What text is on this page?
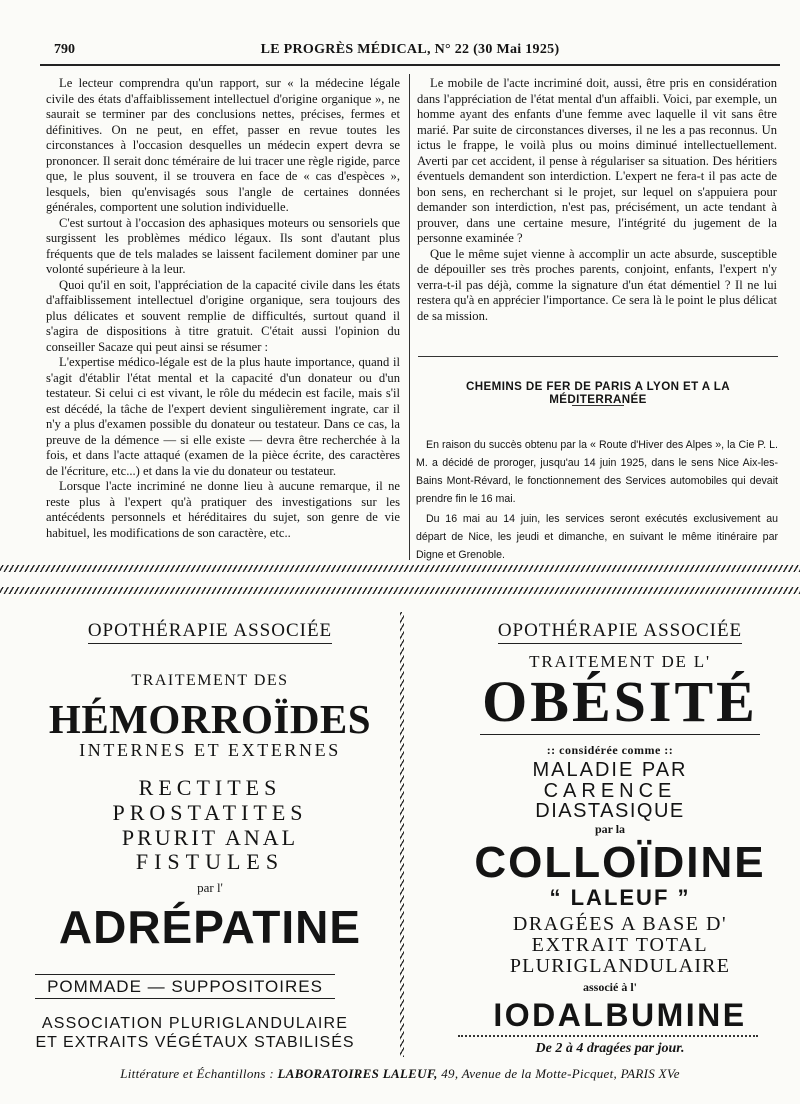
790	LE PROGRÈS MÉDICAL, N° 22 (30 Mai 1925)

Le lecteur comprendra qu'un rapport, sur « la médecine légale civile des états d'affaiblissement intellectuel d'origine organique », ne saurait se terminer par des conclusions nettes, précises, fermes et définitives. On ne peut, en effet, passer en revue toutes les circonstances à l'occasion desquelles un médecin expert devra se prononcer. Il serait donc téméraire de lui tracer une règle rigide, parce que, le plus souvent, il se trouvera en face de « cas d'espèces », lesquels, bien qu'envisagés sous l'angle de certaines données générales, comportent une solution individuelle.

C'est surtout à l'occasion des aphasiques moteurs ou sensoriels que surgissent les problèmes médico légaux. Ils sont d'autant plus fréquents que de tels malades se laissent facilement dominer par une volonté supérieure à la leur.

Quoi qu'il en soit, l'appréciation de la capacité civile dans les états d'affaiblissement intellectuel d'origine organique, sera toujours des plus délicates et souvent remplie de difficultés, surtout quand il s'agira de dispositions à titre gratuit. C'était aussi l'opinion du conseiller Sacaze qui peut ainsi se résumer :

L'expertise médico-légale est de la plus haute importance, quand il s'agit d'établir l'état mental et la capacité d'un donateur ou d'un testateur. Si celui ci est vivant, le rôle du médecin est facile, mais s'il est décédé, la tâche de l'expert devient singulièrement ingrate, car il n'y a plus d'examen possible du donateur ou testateur. Dans ce cas, la preuve de la démence — si elle existe — devra être recherchée à la fois, et dans l'acte attaqué (examen de la pièce écrite, des caractères de l'écriture, etc...) et dans la vie du donateur ou testateur.

Lorsque l'acte incriminé ne donne lieu à aucune remarque, il ne reste plus à l'expert qu'à pratiquer des investigations sur les antécédents personnels et héréditaires du sujet, son genre de vie habituel, les modifications de son caractère, etc..

Le mobile de l'acte incriminé doit, aussi, être pris en considération dans l'appréciation de l'état mental d'un affaibli. Voici, par exemple, un homme ayant des enfants d'une femme avec laquelle il vit sans être marié. Par suite de circonstances diverses, il ne les a pas reconnus. Un ictus le frappe, le voilà plus ou moins diminué intellectuellement. Averti par cet accident, il pense à régulariser sa situation. Des héritiers éventuels demandent son interdiction. L'expert ne fera-t il pas acte de bon sens, en recherchant si le projet, sur lequel on s'appuiera pour demander son interdiction, n'est pas, précisément, un acte tendant à prouver, dans une certaine mesure, l'intégrité du jugement de la personne examinée ?

Que le même sujet vienne à accomplir un acte absurde, susceptible de dépouiller ses très proches parents, conjoint, enfants, l'expert n'y verra-t-il pas déjà, comme la signature d'un état démentiel ? Il ne lui restera qu'à en apprécier l'importance. Ce sera là le point le plus délicat de sa mission.

CHEMINS DE FER DE PARIS A LYON ET A LA MÉDITERRANÉE

En raison du succès obtenu par la « Route d'Hiver des Alpes », la Cie P. L. M. a décidé de proroger, jusqu'au 14 juin 1925, dans le sens Nice Aix-les-Bains Mont-Révard, le fonctionnement des Services automobiles qui devait prendre fin le 16 mai.

Du 16 mai au 14 juin, les services seront exécutés exclusivement au départ de Nice, les jeudi et dimanche, en suivant le même itinéraire par Digne et Grenoble.

OPOTHÉRAPIE ASSOCIÉE
TRAITEMENT DES
HÉMORROÏDES
INTERNES ET EXTERNES
RECTITES
PROSTATITES
PRURIT ANAL
FISTULES
par l'
ADRÉPATINE
POMMADE — SUPPOSITOIRES
ASSOCIATION PLURIGLANDULAIRE
ET EXTRAITS VÉGÉTAUX STABILISÉS
OPOTHÉRAPIE ASSOCIÉE
TRAITEMENT DE L'
OBÉSITÉ
:: considérée comme ::
MALADIE PAR
CARENCE
DIASTASIQUE
par la
COLLOÏDINE
“ LALEUF ”
DRAGÉES A BASE D'
EXTRAIT TOTAL
PLURIGLANDULAIRE
associé à l'
IODALBUMINE
De 2 à 4 dragées par jour.
Littérature et Échantillons : LABORATOIRES LALEUF, 49, Avenue de la Motte-Picquet, PARIS XVe
